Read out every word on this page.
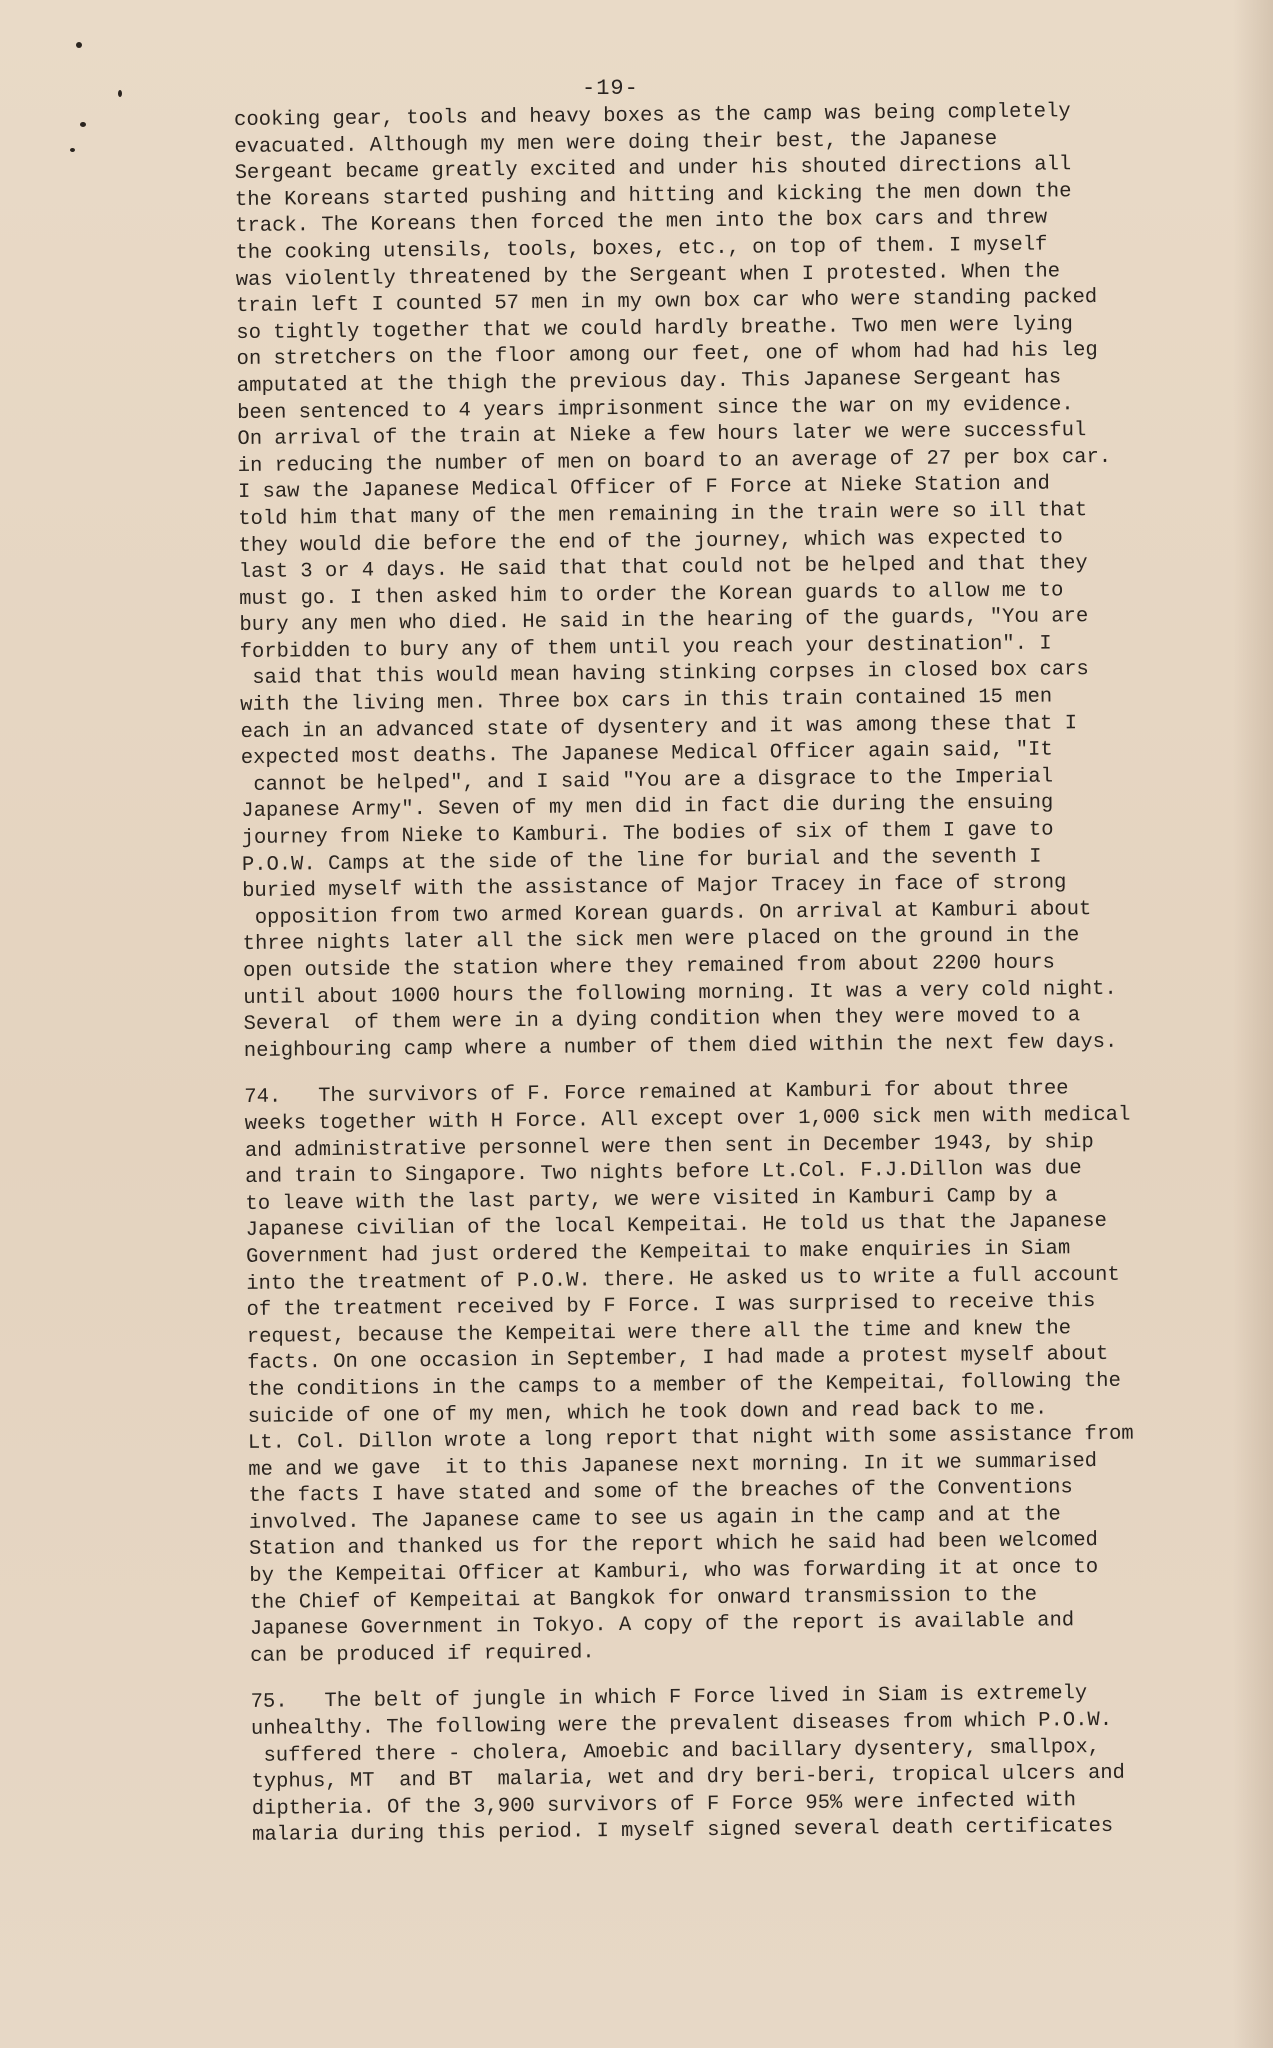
-19-
cooking gear, tools and heavy boxes as the camp was being completely
evacuated. Although my men were doing their best, the Japanese
Sergeant became greatly excited and under his shouted directions all
the Koreans started pushing and hitting and kicking the men down the
track. The Koreans then forced the men into the box cars and threw
the cooking utensils, tools, boxes, etc., on top of them. I myself
was violently threatened by the Sergeant when I protested. When the
train left I counted 57 men in my own box car who were standing packed
so tightly together that we could hardly breathe. Two men were lying
on stretchers on the floor among our feet, one of whom had had his leg
amputated at the thigh the previous day. This Japanese Sergeant has
been sentenced to 4 years imprisonment since the war on my evidence.
On arrival of the train at Nieke a few hours later we were successful
in reducing the number of men on board to an average of 27 per box car.
I saw the Japanese Medical Officer of F Force at Nieke Station and
told him that many of the men remaining in the train were so ill that
they would die before the end of the journey, which was expected to
last 3 or 4 days. He said that that could not be helped and that they
must go. I then asked him to order the Korean guards to allow me to
bury any men who died. He said in the hearing of the guards, "You are
forbidden to bury any of them until you reach your destination". I
said that this would mean having stinking corpses in closed box cars
with the living men. Three box cars in this train contained 15 men
each in an advanced state of dysentery and it was among these that I
expected most deaths. The Japanese Medical Officer again said, "It
cannot be helped", and I said "You are a disgrace to the Imperial
Japanese Army". Seven of my men did in fact die during the ensuing
journey from Nieke to Kamburi. The bodies of six of them I gave to
P.O.W. Camps at the side of the line for burial and the seventh I
buried myself with the assistance of Major Tracey in face of strong
opposition from two armed Korean guards. On arrival at Kamburi about
three nights later all the sick men were placed on the ground in the
open outside the station where they remained from about 2200 hours
until about 1000 hours the following morning. It was a very cold night.
Several  of them were in a dying condition when they were moved to a
neighbouring camp where a number of them died within the next few days.
74.   The survivors of F. Force remained at Kamburi for about three
weeks together with H Force. All except over 1,000 sick men with medical
and administrative personnel were then sent in December 1943, by ship
and train to Singapore. Two nights before Lt.Col. F.J.Dillon was due
to leave with the last party, we were visited in Kamburi Camp by a
Japanese civilian of the local Kempeitai. He told us that the Japanese
Government had just ordered the Kempeitai to make enquiries in Siam
into the treatment of P.O.W. there. He asked us to write a full account
of the treatment received by F Force. I was surprised to receive this
request, because the Kempeitai were there all the time and knew the
facts. On one occasion in September, I had made a protest myself about
the conditions in the camps to a member of the Kempeitai, following the
suicide of one of my men, which he took down and read back to me.
Lt. Col. Dillon wrote a long report that night with some assistance from
me and we gave  it to this Japanese next morning. In it we summarised
the facts I have stated and some of the breaches of the Conventions
involved. The Japanese came to see us again in the camp and at the
Station and thanked us for the report which he said had been welcomed
by the Kempeitai Officer at Kamburi, who was forwarding it at once to
the Chief of Kempeitai at Bangkok for onward transmission to the
Japanese Government in Tokyo. A copy of the report is available and
can be produced if required.
75.   The belt of jungle in which F Force lived in Siam is extremely
unhealthy. The following were the prevalent diseases from which P.O.W.
suffered there - cholera, Amoebic and bacillary dysentery, smallpox,
typhus, MT  and BT  malaria, wet and dry beri-beri, tropical ulcers and
diptheria. Of the 3,900 survivors of F Force 95% were infected with
malaria during this period. I myself signed several death certificates
